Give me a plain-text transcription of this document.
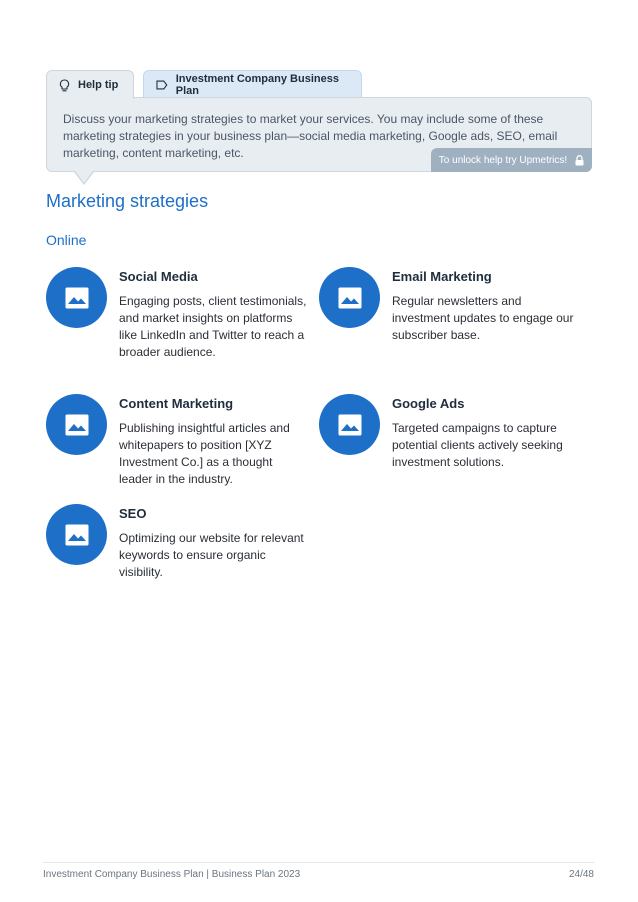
Help tip
Investment Company Business Plan
Discuss your marketing strategies to market your services. You may include some of these marketing strategies in your business plan—social media marketing, Google ads, SEO, email marketing, content marketing, etc.	To unlock help try Upmetrics!
Marketing strategies
Online
Social Media
Engaging posts, client testimonials, and market insights on platforms like LinkedIn and Twitter to reach a broader audience.
Email Marketing
Regular newsletters and investment updates to engage our subscriber base.
Content Marketing
Publishing insightful articles and whitepapers to position [XYZ Investment Co.] as a thought leader in the industry.
Google Ads
Targeted campaigns to capture potential clients actively seeking investment solutions.
SEO
Optimizing our website for relevant keywords to ensure organic visibility.
Investment Company Business Plan | Business Plan 2023	24/48
